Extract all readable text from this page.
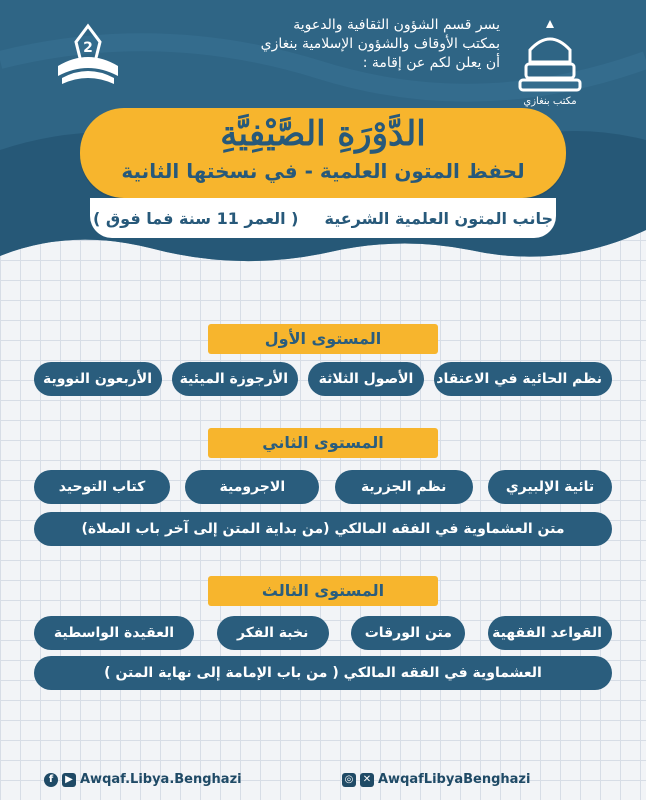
2
يسر قسم الشؤون الثقافية والدعوية
بمكتب الأوقاف والشؤون الإسلامية بنغازي
أن يعلن لكم عن إقامة :
مكتب بنغازي
الدَّوْرَةِ الصَّيْفِيَّةِ
لحفظ المتون العلمية - في نسختها الثانية
جانب المتون العلمية الشرعية
( العمر 11 سنة فما فوق )
المستوى الأول
نظم الحائية في الاعتقاد
الأصول الثلاثة
الأرجوزة الميئية
الأربعون النووية
المستوى الثاني
تائية الإلبيري
نظم الجزرية
الاجرومية
كتاب التوحيد
متن العشماوية في الفقه المالكي (من بداية المتن إلى آخر باب الصلاة)
المستوى الثالث
القواعد الفقهية
متن الورقات
نخبة الفكر
العقيدة الواسطية
العشماوية في الفقه المالكي ( من باب الإمامة إلى نهاية المتن )
f	▶ Awqaf.Libya.Benghazi	◎ ✕ AwqafLibyaBenghazi
